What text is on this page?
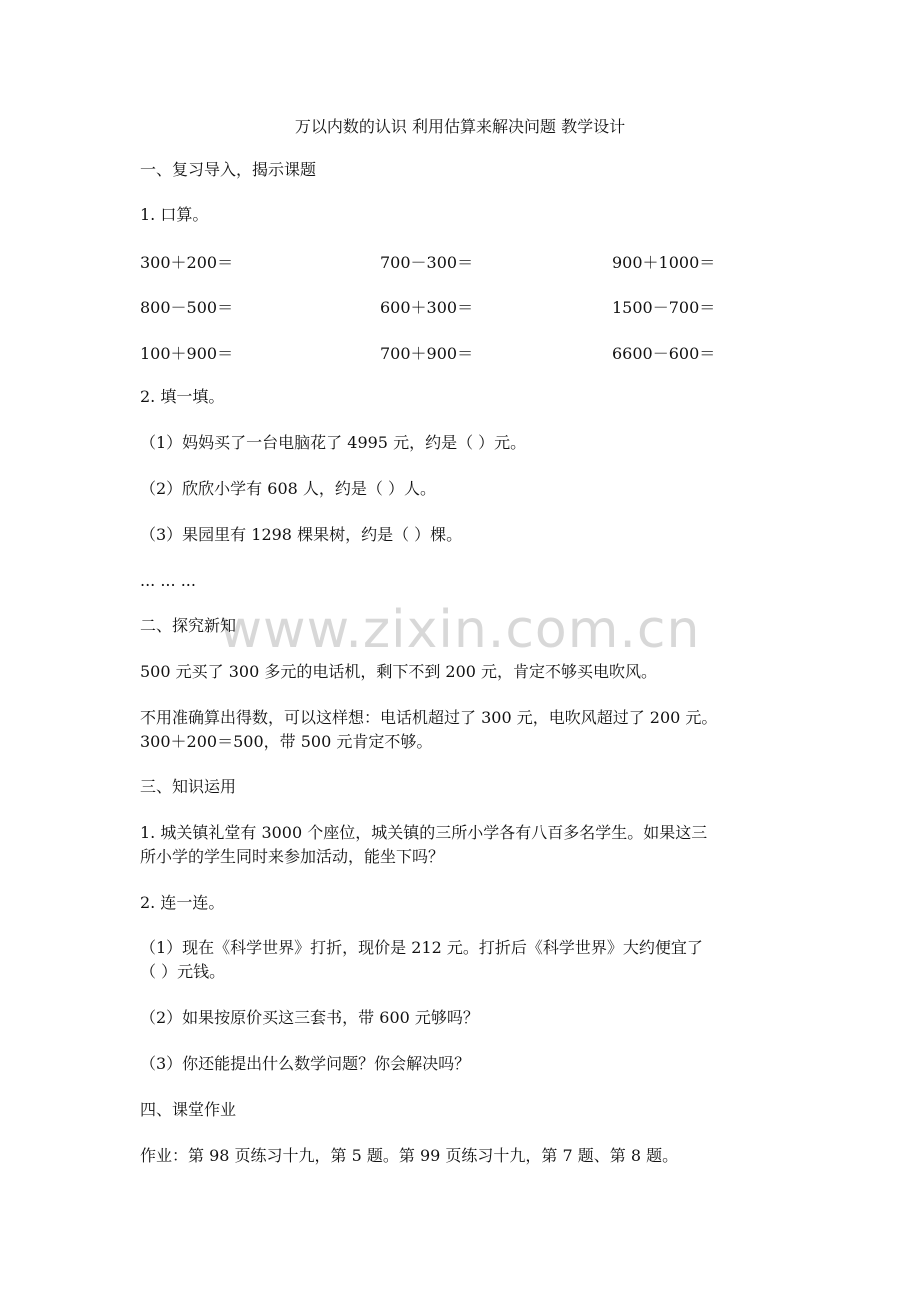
www.zixin.com.cn
万以内数的认识 利用估算来解决问题 教学设计
一、复习导入，揭示课题
1. 口算。
300＋200＝	700－300＝	900＋1000＝
800－500＝	600＋300＝	1500－700＝
100＋900＝	700＋900＝	6600－600＝
2. 填一填。
（1）妈妈买了一台电脑花了 4995 元，约是（ ）元。
（2）欣欣小学有 608 人，约是（ ）人。
（3）果园里有 1298 棵果树，约是（ ）棵。
... ... ...
二、探究新知
500 元买了 300 多元的电话机，剩下不到 200 元，肯定不够买电吹风。
不用准确算出得数，可以这样想：电话机超过了 300 元，电吹风超过了 200 元。
300＋200＝500，带 500 元肯定不够。
三、知识运用
1. 城关镇礼堂有 3000 个座位，城关镇的三所小学各有八百多名学生。如果这三
所小学的学生同时来参加活动，能坐下吗？
2. 连一连。
（1）现在《科学世界》打折，现价是 212 元。打折后《科学世界》大约便宜了
（ ）元钱。
（2）如果按原价买这三套书，带 600 元够吗？
（3）你还能提出什么数学问题？你会解决吗？
四、课堂作业
作业：第 98 页练习十九，第 5 题。第 99 页练习十九，第 7 题、第 8 题。
